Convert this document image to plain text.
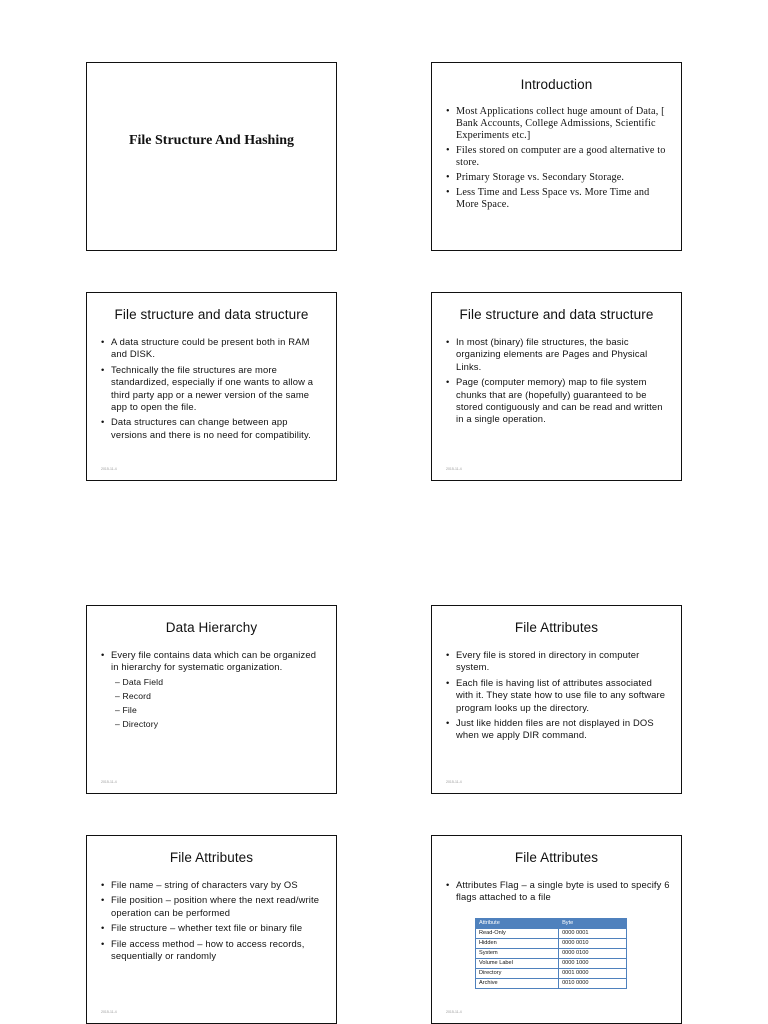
File Structure And Hashing
Introduction
• Most Applications collect huge amount of Data, [ Bank Accounts, College Admissions, Scientific Experiments etc.]
• Files stored on computer are a good alternative to store.
• Primary Storage vs. Secondary Storage.
• Less Time and Less Space vs. More Time and More Space.
File structure and data structure
• A data structure could be present both in RAM and DISK.
• Technically the file structures are more standardized, especially if one wants to allow a third party app or a newer version of the same app to open the file.
• Data structures can change between app versions and there is no need for compatibility.
2015-11-4
File structure and data structure
• In most (binary) file structures, the basic organizing elements are Pages and Physical Links.
• Page (computer memory) map to file system chunks that are (hopefully) guaranteed to be stored contiguously and can be read and written in a single operation.
2015-11-4
Data Hierarchy
• Every file contains data which can be organized in hierarchy for systematic organization.
– Data Field
– Record
– File
– Directory
2015-11-4
File Attributes
• Every file is stored in directory in computer system.
• Each file is having list of attributes associated with it. They state how to use file to any software program looks up the directory.
• Just like hidden files are not displayed in DOS when we apply DIR command.
2015-11-4
File Attributes
• File name – string of characters vary by OS
• File position – position where the next read/write operation can be performed
• File structure – whether text file or binary file
• File access method – how to access records, sequentially or randomly
2015-11-4
File Attributes
• Attributes Flag – a single byte is used to specify 6 flags attached to a file
Attribute	Byte
Read-Only	0000 0001
Hidden	0000 0010
System	0000 0100
Volume Label	0000 1000
Directory	0001 0000
Archive	0010 0000
2015-11-4
